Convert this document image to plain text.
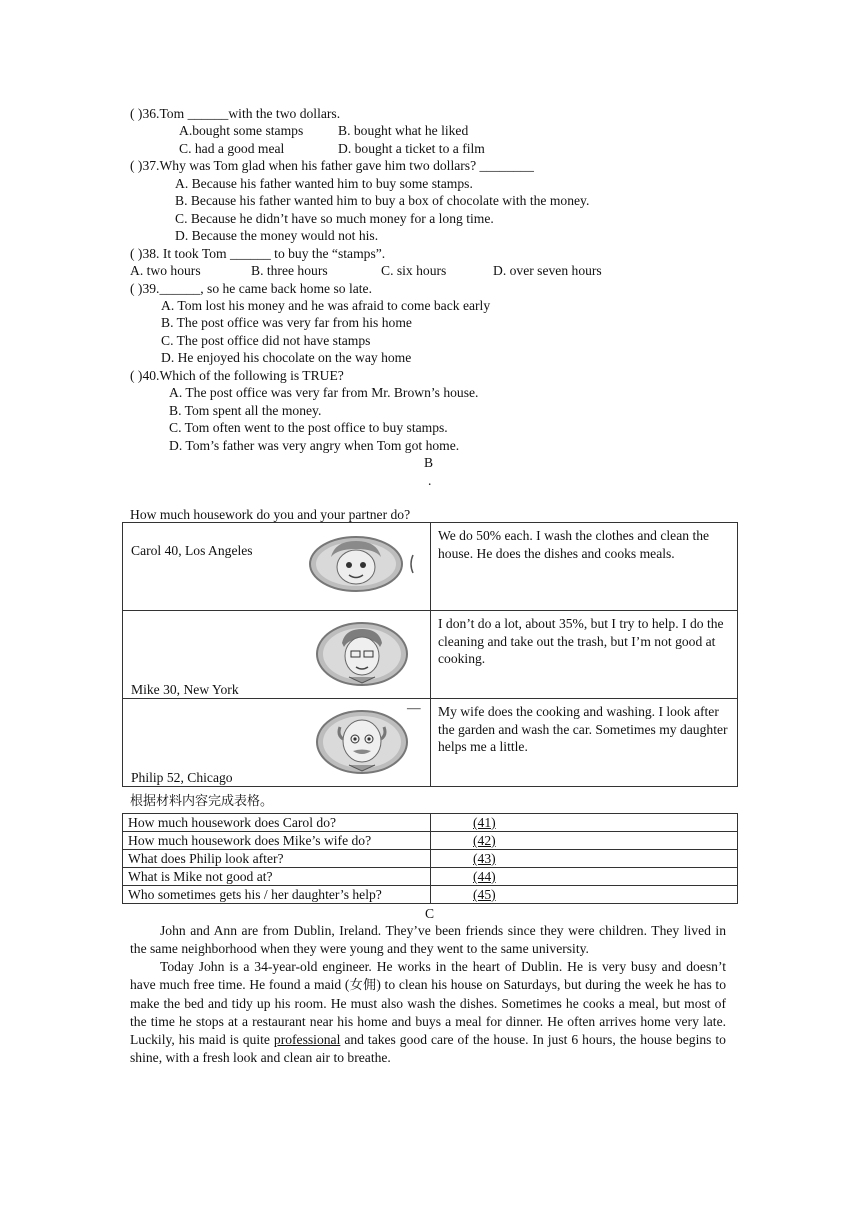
( )36.Tom ______with the two dollars.
A.bought some stamps	B. bought what he liked
C. had a good meal	D. bought a ticket to a film
( )37.Why was Tom glad when his father gave him two dollars? ________
A. Because his father wanted him to buy some stamps.
B. Because his father wanted him to buy a box of chocolate with the money.
C. Because he didn’t have so much money for a long time.
D. Because the money would not his.
( )38. It took Tom ______ to buy the “stamps”.
A. two hours	B. three hours	C. six hours	D. over seven hours
( )39.______, so he came back home so late.
A. Tom lost his money and he was afraid to come back early
B. The post office was very far from his home
C. The post office did not have stamps
D. He enjoyed his chocolate on the way home
( )40.Which of the following is TRUE?
A. The post office was very far from Mr. Brown’s house.
B. Tom spent all the money.
C. Tom often went to the post office to buy stamps.
D. Tom’s father was very angry when Tom got home.
B
.
How much housework do you and your partner do?
Carol 40, Los Angeles	We do 50% each. I wash the clothes and clean the house. He does the dishes and cooks meals.

Mike 30, New York	I don’t do a lot, about 35%, but I try to help. I do the cleaning and take out the trash, but I’m not good at cooking.

—
Philip 52, Chicago	My wife does the cooking and washing. I look after the garden and wash the car. Sometimes my daughter helps me a little.
根据材料内容完成表格。
How much housework does Carol do?	(41)
How much housework does Mike’s wife do?	(42)
What does Philip look after?	(43)
What is Mike not good at?	(44)
Who sometimes gets his / her daughter’s help?	(45)
C
John and Ann are from Dublin, Ireland. They’ve been friends since they were children. They lived in the same neighborhood when they were young and they went to the same university.
Today John is a 34-year-old engineer. He works in the heart of Dublin. He is very busy and doesn’t have much free time. He found a maid (女佣) to clean his house on Saturdays, but during the week he has to make the bed and tidy up his room. He must also wash the dishes. Sometimes he cooks a meal, but most of the time he stops at a restaurant near his home and buys a meal for dinner. He often arrives home very late. Luckily, his maid is quite professional and takes good care of the house. In just 6 hours, the house begins to shine, with a fresh look and clean air to breathe.
